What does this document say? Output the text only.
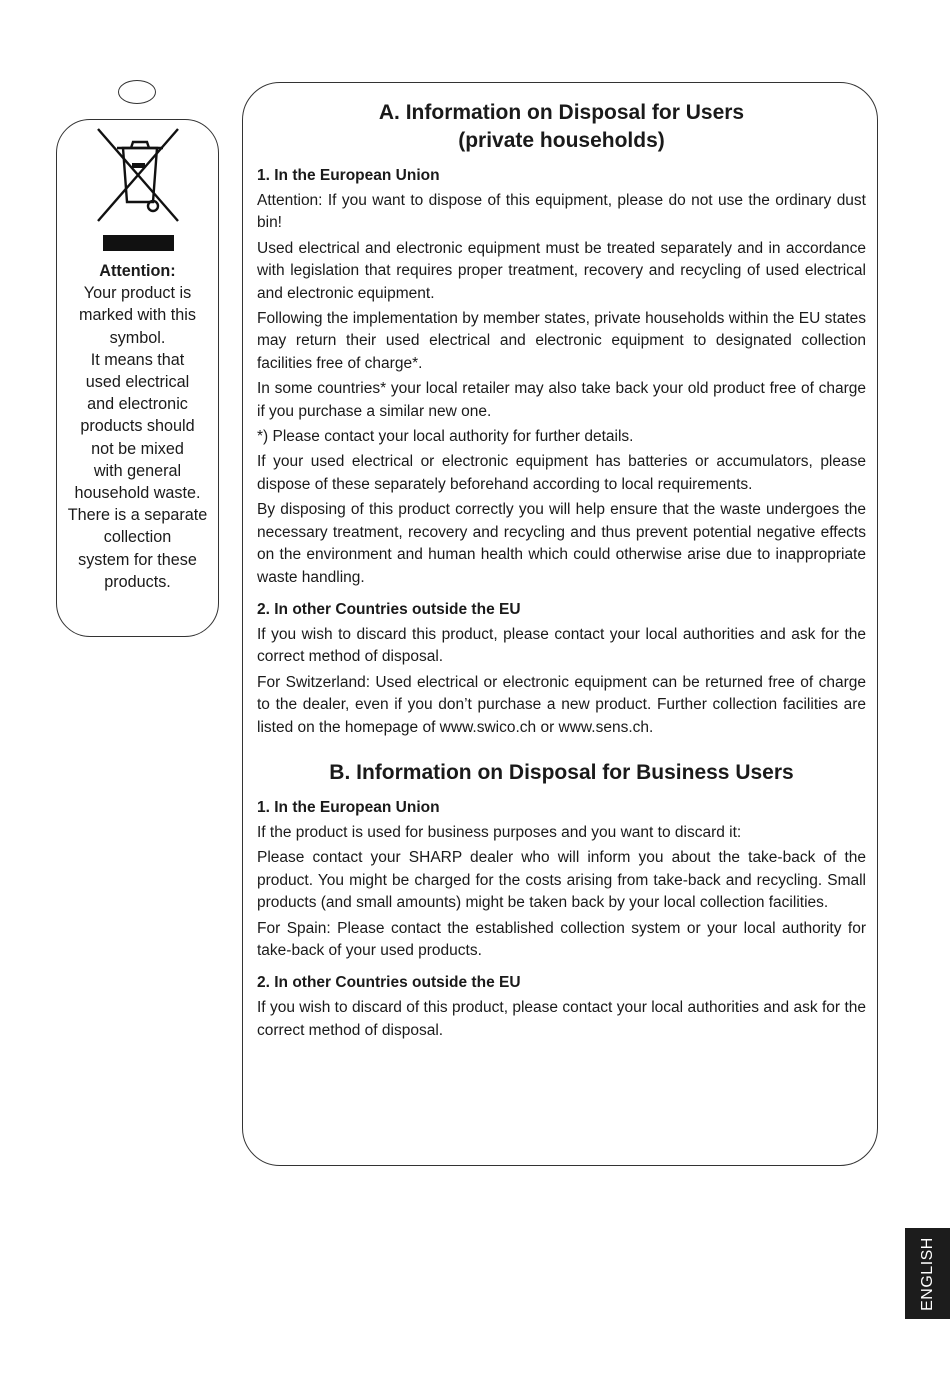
Attention:
Your product is
marked with this
symbol.
It means that
used electrical
and electronic
products should
not be mixed
with general
household waste.
There is a separate
collection
system for these
products.
A. Information on Disposal for Users
(private households)
1. In the European Union

Attention: If you want to dispose of this equipment, please do not use the ordinary dust bin!

Used electrical and electronic equipment must be treated separately and in accordance with legislation that requires proper treatment, recovery and recycling of used electrical and electronic equipment.

Following the implementation by member states, private households within the EU states may return their used electrical and electronic equipment to designated collection facilities free of charge*.

In some countries* your local retailer may also take back your old product free of charge if you purchase a similar new one.

*) Please contact your local authority for further details.

If your used electrical or electronic equipment has batteries or accumulators, please dispose of these separately beforehand according to local requirements.

By disposing of this product correctly you will help ensure that the waste undergoes the necessary treatment, recovery and recycling and thus prevent potential negative effects on the environment and human health which could otherwise arise due to inappropriate waste handling.

2. In other Countries outside the EU

If you wish to discard this product, please contact your local authorities and ask for the correct method of disposal.

For Switzerland: Used electrical or electronic equipment can be returned free of charge to the dealer, even if you don’t purchase a new product. Further collection facilities are listed on the homepage of www.swico.ch or www.sens.ch.

B. Information on Disposal for Business Users
1. In the European Union

If the product is used for business purposes and you want to discard it:

Please contact your SHARP dealer who will inform you about the take-back of the product. You might be charged for the costs arising from take-back and recycling. Small products (and small amounts) might be taken back by your local collection facilities.

For Spain: Please contact the established collection system or your local authority for take-back of your used products.

2. In other Countries outside the EU

If you wish to discard of this product, please contact your local authorities and ask for the correct method of disposal.

ENGLISH
